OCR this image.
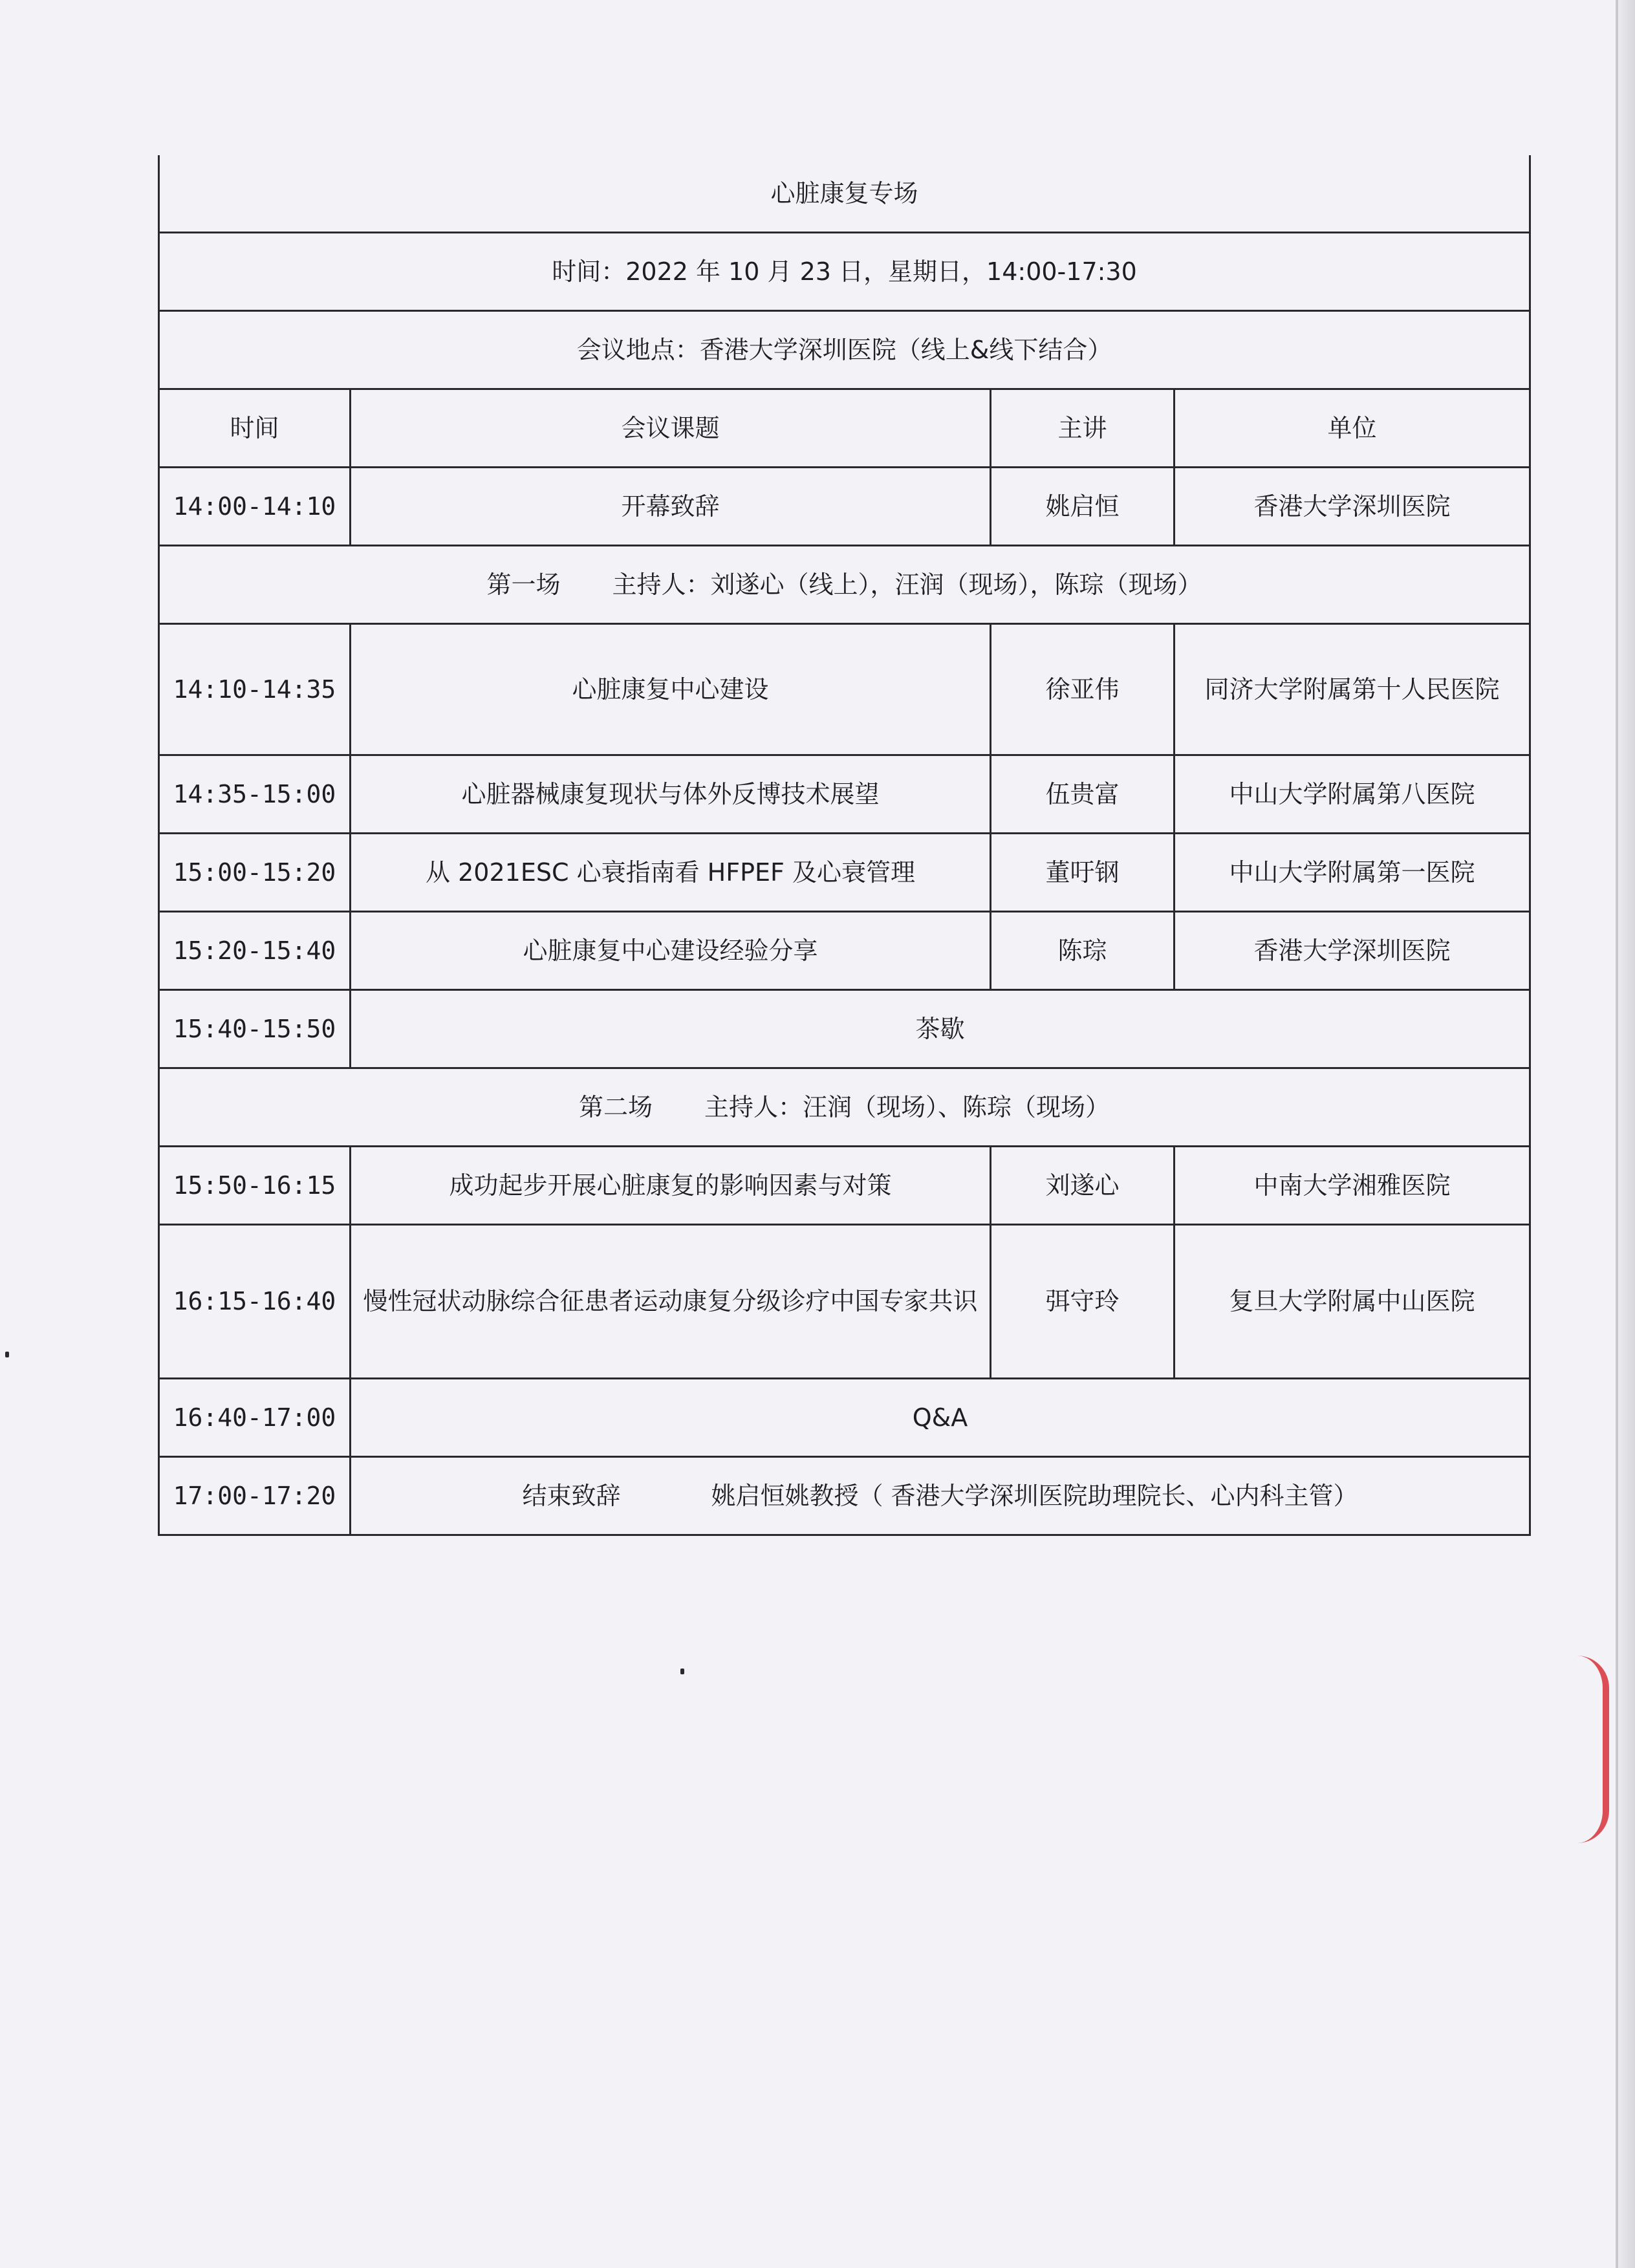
心脏康复专场			
时间：2022 年 10 月 23 日，星期日，14:00-17:30			
会议地点：香港大学深圳医院（线上&线下结合）			
时间	会议课题	主讲	单位
14:00-14:10	开幕致辞	姚启恒	香港大学深圳医院
第一场 主持人：刘遂心（线上），汪润（现场），陈琮（现场）			
14:10-14:35	心脏康复中心建设	徐亚伟	同济大学附属第十人民医院
14:35-15:00	心脏器械康复现状与体外反博技术展望	伍贵富	中山大学附属第八医院
15:00-15:20	从 2021ESC 心衰指南看 HFPEF 及心衰管理	董吁钢	中山大学附属第一医院
15:20-15:40	心脏康复中心建设经验分享	陈琮	香港大学深圳医院
15:40-15:50	茶歇		
第二场 主持人：汪润（现场）、陈琮（现场）			
15:50-16:15	成功起步开展心脏康复的影响因素与对策	刘遂心	中南大学湘雅医院
16:15-16:40	慢性冠状动脉综合征患者运动康复分级诊疗中国专家共识	弭守玲	复旦大学附属中山医院
16:40-17:00	Q&A		
17:00-17:20	结束致辞 姚启恒姚教授（ 香港大学深圳医院助理院长、心内科主管）		
